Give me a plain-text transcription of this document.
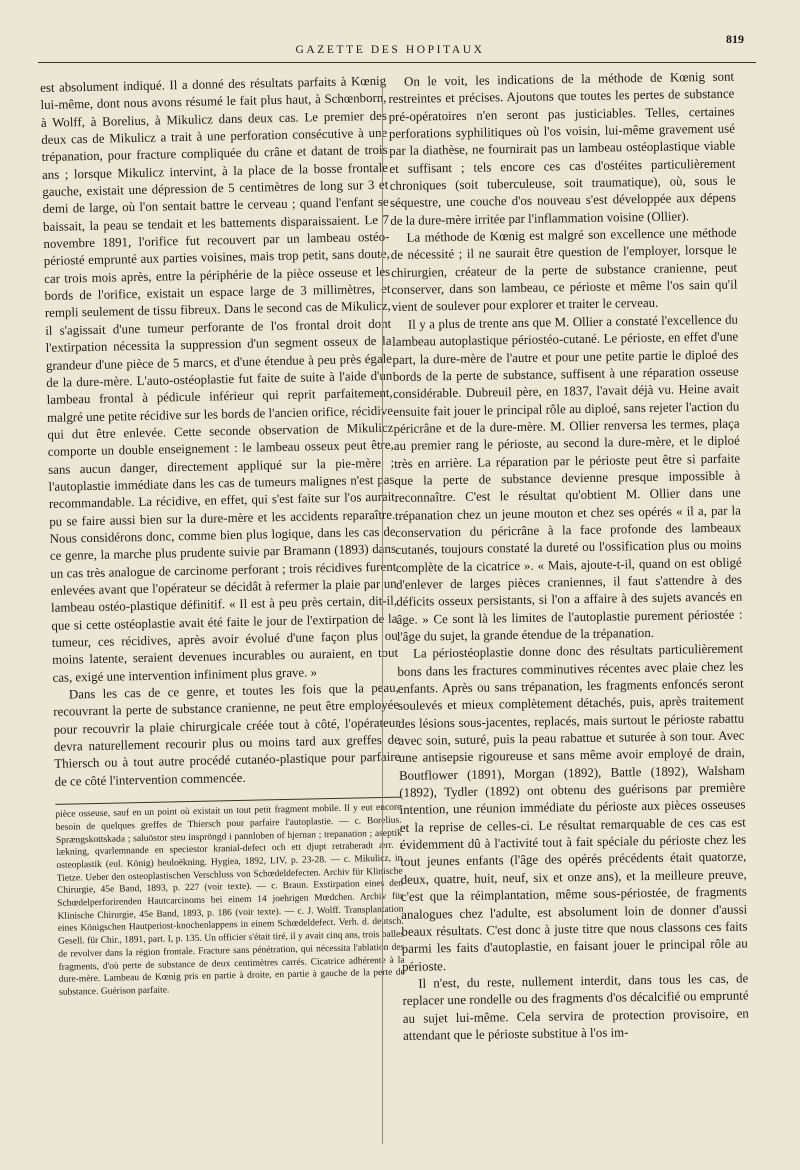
GAZETTE DES HOPITAUX
819

est absolument indiqué. Il a donné des résultats parfaits à Kœnig lui-même, dont nous avons résumé le fait plus haut, à Schœnborn, à Wolff, à Borelius, à Mikulicz dans deux cas. Le premier des deux cas de Mikulicz a trait à une perforation consécutive à une trépanation, pour fracture compliquée du crâne et datant de trois ans ; lorsque Mikulicz intervint, à la place de la bosse frontale gauche, existait une dépression de 5 centimètres de long sur 3 et demi de large, où l'on sentait battre le cerveau ; quand l'enfant se baissait, la peau se tendait et les battements disparaissaient. Le 7 novembre 1891, l'orifice fut recouvert par un lambeau ostéo-périosté emprunté aux parties voisines, mais trop petit, sans doute, car trois mois après, entre la périphérie de la pièce osseuse et les bords de l'orifice, existait un espace large de 3 millimètres, et rempli seulement de tissu fibreux. Dans le second cas de Mikulicz, il s'agissait d'une tumeur perforante de l'os frontal droit dont l'extirpation nécessita la suppression d'un segment osseux de la grandeur d'une pièce de 5 marcs, et d'une étendue à peu près égale de la dure-mère. L'auto-ostéoplastie fut faite de suite à l'aide d'un lambeau frontal à pédicule inférieur qui reprit parfaitement, malgré une petite récidive sur les bords de l'ancien orifice, récidive qui dut être enlevée. Cette seconde observation de Mikulicz comporte un double enseignement : le lambeau osseux peut être, sans aucun danger, directement appliqué sur la pie-mère ; l'autoplastie immédiate dans les cas de tumeurs malignes n'est pas recommandable. La récidive, en effet, qui s'est faite sur l'os aurait pu se faire aussi bien sur la dure-mère et les accidents reparaître. Nous considérons donc, comme bien plus logique, dans les cas de ce genre, la marche plus prudente suivie par Bramann (1893) dans un cas très analogue de carcinome perforant ; trois récidives furent enlevées avant que l'opérateur se décidât à refermer la plaie par un lambeau ostéo-plastique définitif. « Il est à peu près certain, dit-il, que si cette ostéoplastie avait été faite le jour de l'extirpation de la tumeur, ces récidives, après avoir évolué d'une façon plus ou moins latente, seraient devenues incurables ou auraient, en tout cas, exigé une intervention infiniment plus grave. »

Dans les cas de ce genre, et toutes les fois que la peau, recouvrant la perte de substance cranienne, ne peut être employée pour recouvrir la plaie chirurgicale créée tout à côté, l'opérateur devra naturellement recourir plus ou moins tard aux greffes de Thiersch ou à tout autre procédé cutanéo-plastique pour parfaire de ce côté l'intervention commencée.

pièce osseuse, sauf en un point où existait un tout petit fragment mobile. Il y eut encore besoin de quelques greffes de Thiersch pour parfaire l'autoplastie. — c. Borelius. Sprængskottskada ; saluöstor steu inspröngd i pannloben of hjernan ; trepanation ; aseptik lækning, qvarlemnande en speciestor kranial-defect och ett djupt retraheradt ærr. ; osteoplastik (eul. König) heuloëkning. Hygiea, 1892, LIV, p. 23-28. — c. Mikulicz, in Tietze. Ueber den osteoplastischen Verschluss von Schœdeldefecten. Archiv für Klinische Chirurgie, 45e Band, 1893, p. 227 (voir texte). — c. Braun. Exstirpation eines den Schœdelperforirenden Hautcarcinoms bei einem 14 joehrigen Mœdchen. Archiv für Klinische Chirurgie, 45e Band, 1893, p. 186 (voir texte). — c. J. Wolff. Transplantation eines Königschen Hautperiost-knochenlappens in einem Schœdeldefect. Verh. d. deutsch. Gesell. für Chir., 1891, part. I, p. 135. Un officier s'était tiré, il y avait cinq ans, trois balles de revolver dans la région frontale. Fracture sans pénétration, qui nécessita l'ablation des fragments, d'où perte de substance de deux centimètres carrés. Cicatrice adhérente à la dure-mère. Lambeau de Kœnig pris en partie à droite, en partie à gauche de la perte de substance. Guérison parfaite.

On le voit, les indications de la méthode de Kœnig sont restreintes et précises. Ajoutons que toutes les pertes de substance pré-opératoires n'en seront pas justiciables. Telles, certaines perforations syphilitiques où l'os voisin, lui-même gravement usé par la diathèse, ne fournirait pas un lambeau ostéoplastique viable et suffisant ; tels encore ces cas d'ostéites particulièrement chroniques (soit tuberculeuse, soit traumatique), où, sous le séquestre, une couche d'os nouveau s'est développée aux dépens de la dure-mère irritée par l'inflammation voisine (Ollier).

La méthode de Kœnig est malgré son excellence une méthode de nécessité ; il ne saurait être question de l'employer, lorsque le chirurgien, créateur de la perte de substance cranienne, peut conserver, dans son lambeau, ce périoste et même l'os sain qu'il vient de soulever pour explorer et traiter le cerveau.

Il y a plus de trente ans que M. Ollier a constaté l'excellence du lambeau autoplastique périostéo-cutané. Le périoste, en effet d'une part, la dure-mère de l'autre et pour une petite partie le diploé des bords de la perte de substance, suffisent à une réparation osseuse considérable. Dubreuil père, en 1837, l'avait déjà vu. Heine avait ensuite fait jouer le principal rôle au diploé, sans rejeter l'action du péricrâne et de la dure-mère. M. Ollier renversa les termes, plaça au premier rang le périoste, au second la dure-mère, et le diploé très en arrière. La réparation par le périoste peut être si parfaite que la perte de substance devienne presque impossible à reconnaître. C'est le résultat qu'obtient M. Ollier dans une trépanation chez un jeune mouton et chez ses opérés « il a, par la conservation du péricrâne à la face profonde des lambeaux cutanés, toujours constaté la dureté ou l'ossification plus ou moins complète de la cicatrice ». « Mais, ajoute-t-il, quand on est obligé d'enlever de larges pièces craniennes, il faut s'attendre à des déficits osseux persistants, si l'on a affaire à des sujets avancés en âge. » Ce sont là les limites de l'autoplastie purement périostée : l'âge du sujet, la grande étendue de la trépanation.

La périostéoplastie donne donc des résultats particulièrement bons dans les fractures comminutives récentes avec plaie chez les enfants. Après ou sans trépanation, les fragments enfoncés seront soulevés et mieux complètement détachés, puis, après traitement des lésions sous-jacentes, replacés, mais surtout le périoste rabattu avec soin, suturé, puis la peau rabattue et suturée à son tour. Avec une antisepsie rigoureuse et sans même avoir employé de drain, Boutflower (1891), Morgan (1892), Battle (1892), Walsham (1892), Tydler (1892) ont obtenu des guérisons par première intention, une réunion immédiate du périoste aux pièces osseuses et la reprise de celles-ci. Le résultat remarquable de ces cas est évidemment dû à l'activité tout à fait spéciale du périoste chez les tout jeunes enfants (l'âge des opérés précédents était quatorze, deux, quatre, huit, neuf, six et onze ans), et la meilleure preuve, c'est que la réimplantation, même sous-périostée, de fragments analogues chez l'adulte, est absolument loin de donner d'aussi beaux résultats. C'est donc à juste titre que nous classons ces faits parmi les faits d'autoplastie, en faisant jouer le principal rôle au périoste.

Il n'est, du reste, nullement interdit, dans tous les cas, de replacer une rondelle ou des fragments d'os décalcifié ou emprunté au sujet lui-même. Cela servira de protection provisoire, en attendant que le périoste substitue à l'os im-
